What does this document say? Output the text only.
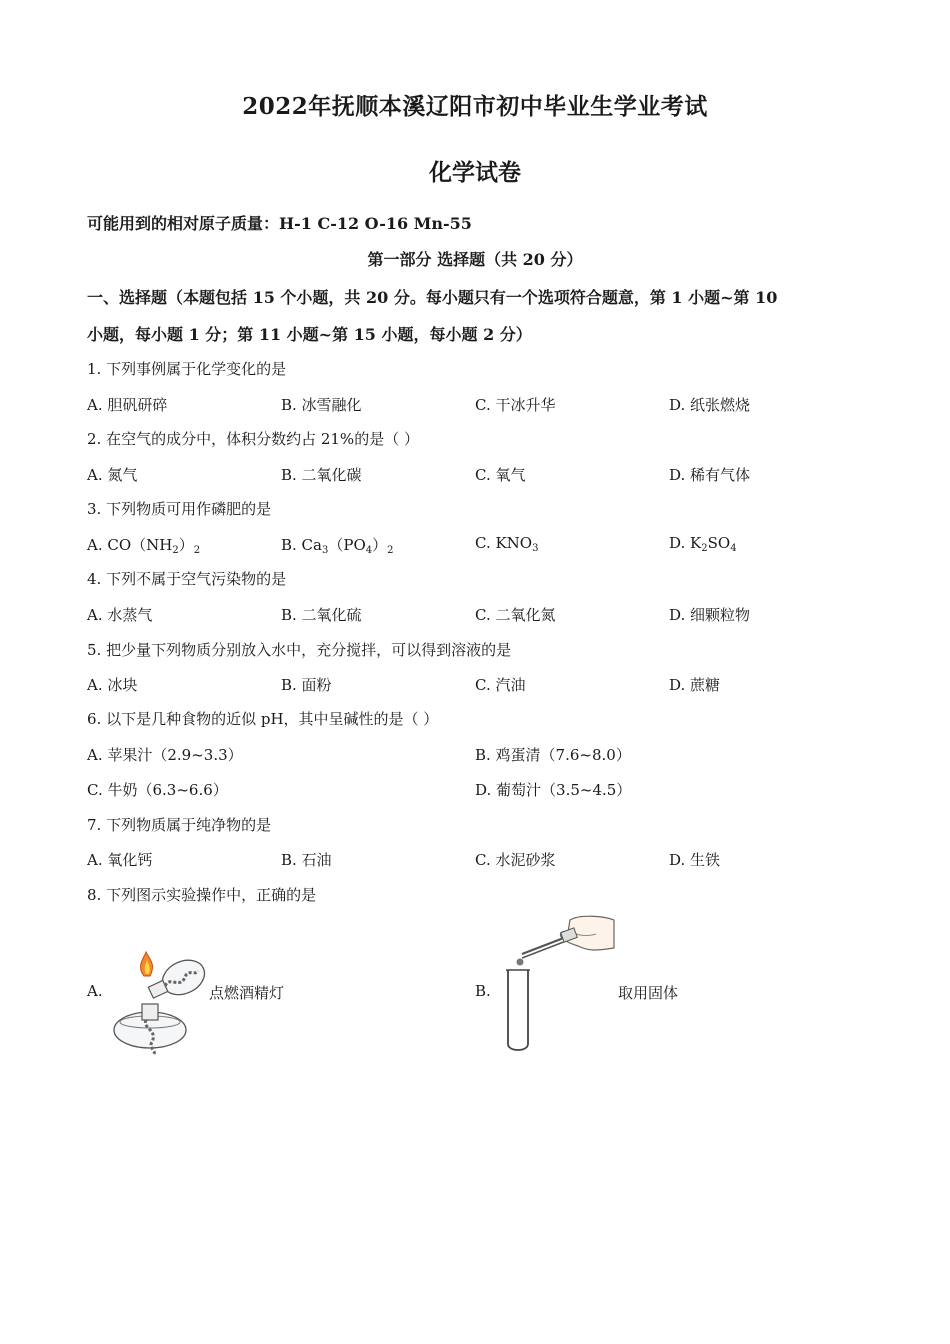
2022年抚顺本溪辽阳市初中毕业生学业考试
化学试卷
可能用到的相对原子质量：H-1 C-12 O-16 Mn-55
第一部分 选择题（共 20 分）
一、选择题（本题包括 15 个小题，共 20 分。每小题只有一个选项符合题意，第 1 小题~第 10
小题，每小题 1 分；第 11 小题~第 15 小题，每小题 2 分）
1. 下列事例属于化学变化的是
A. 胆矾研碎	B. 冰雪融化	C. 干冰升华	D. 纸张燃烧
2. 在空气的成分中，体积分数约占 21%的是（ ）
A. 氮气	B. 二氧化碳	C. 氧气	D. 稀有气体
3. 下列物质可用作磷肥的是
A. $CO(NH_2)_2$	B. $Ca_3(PO_4)_2$	C. $KNO_3$	D. $K_2SO_4$
4. 下列不属于空气污染物的是
A. 水蒸气	B. 二氧化硫	C. 二氧化氮	D. 细颗粒物
5. 把少量下列物质分别放入水中，充分搅拌，可以得到溶液的是
A. 冰块	B. 面粉	C. 汽油	D. 蔗糖
6. 以下是几种食物的近似 pH，其中呈碱性的是（ ）
A. 苹果汁（2.9~3.3）	B. 鸡蛋清（7.6~8.0）
C. 牛奶（6.3~6.6）	D. 葡萄汁（3.5~4.5）
7. 下列物质属于纯净物的是
A. 氧化钙	B. 石油	C. 水泥砂浆	D. 生铁
8. 下列图示实验操作中，正确的是
A.	点燃酒精灯	B.	取用固体
